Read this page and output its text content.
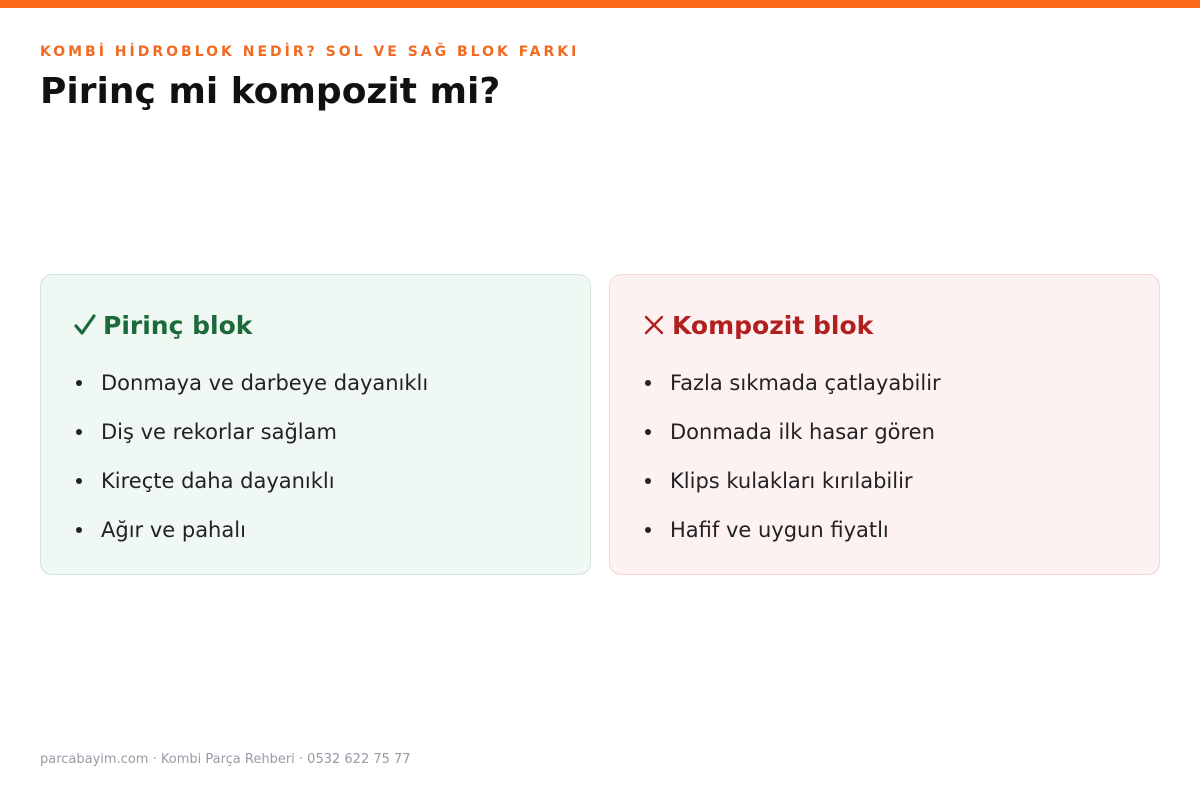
KOMBİ HİDROBLOK NEDİR? SOL VE SAĞ BLOK FARKI
Pirinç mi kompozit mi?
Pirinç blok
Donmaya ve darbeye dayanıklı
Diş ve rekorlar sağlam
Kireçte daha dayanıklı
Ağır ve pahalı
Kompozit blok
Fazla sıkmada çatlayabilir
Donmada ilk hasar gören
Klips kulakları kırılabilir
Hafif ve uygun fiyatlı
parcabayim.com · Kombi Parça Rehberi · 0532 622 75 77
